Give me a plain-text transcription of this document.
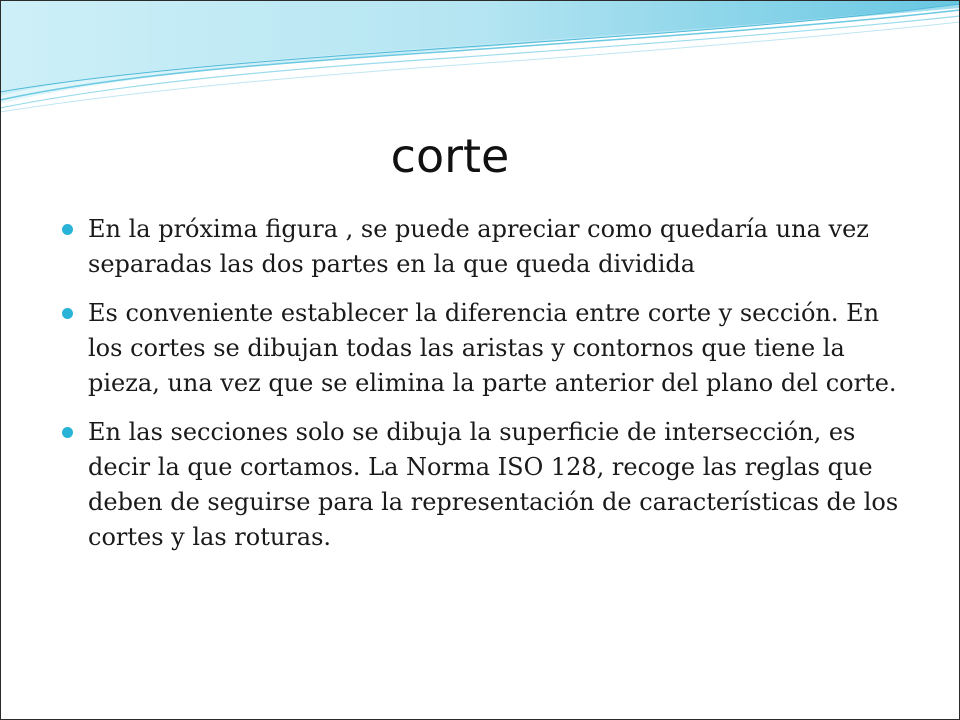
corte
En la próxima figura , se puede apreciar como quedaría una vez separadas las dos partes en la que queda dividida
Es conveniente establecer la diferencia entre corte y sección. En los cortes se dibujan todas las aristas y contornos que tiene la pieza, una vez que se elimina la parte anterior del plano del corte.
En las secciones solo se dibuja la superficie de intersección, es decir la que cortamos. La Norma ISO 128, recoge las reglas que deben de seguirse para la representación de características de los cortes y las roturas.
